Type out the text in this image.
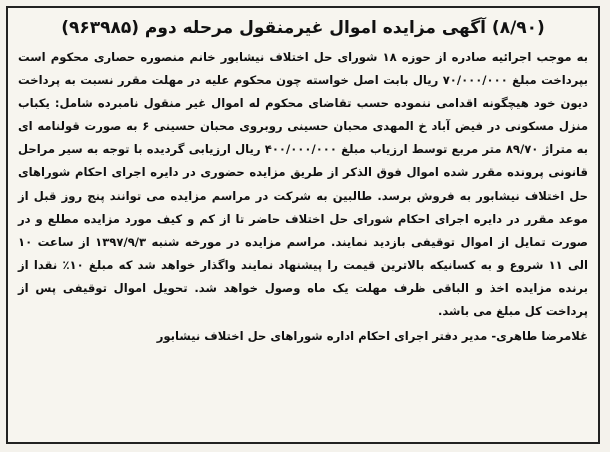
(۸/۹۰) آگهی مزایده اموال غیرمنقول مرحله دوم (۹۶۳۹۸۵)
به موجب اجرائیه صادره از حوزه ۱۸ شورای حل اختلاف نیشابور خانم منصوره حصاری محکوم است بپرداخت مبلغ ۷۰/۰۰۰/۰۰۰ ریال بابت اصل خواسته چون محکوم علیه در مهلت مقرر نسبت به پرداخت دیون خود هیچگونه اقدامی ننموده حسب تقاضای محکوم له اموال غیر منقول نامبرده شامل: یکباب منزل مسکونی در فیض آباد خ المهدی محبان حسینی روبروی محبان حسینی ۶ به صورت قولنامه ای به متراژ ۸۹/۷۰ متر مربع توسط ارزیاب مبلغ ۴۰۰/۰۰۰/۰۰۰ ریال ارزیابی گردیده با توجه به سیر مراحل قانونی پرونده مقرر شده اموال فوق الذکر از طریق مزایده حضوری در دایره اجرای احکام شوراهای حل اختلاف نیشابور به فروش برسد. طالبین به شرکت در مراسم مزایده می توانند پنج روز قبل از موعد مقرر در دایره اجرای احکام شورای حل اختلاف حاضر تا از کم و کیف مورد مزایده مطلع و در صورت تمایل از اموال توقیفی بازدید نمایند. مراسم مزایده در مورخه شنبه ۱۳۹۷/۹/۳ از ساعت ۱۰ الی ۱۱ شروع و به کسانیکه بالاترین قیمت را پیشنهاد نمایند واگذار خواهد شد که مبلغ ۱۰٪ نقدا از برنده مزایده اخذ و الباقی ظرف مهلت یک ماه وصول خواهد شد. تحویل اموال توقیفی پس از پرداخت کل مبلغ می باشد.
غلامرضا طاهری- مدیر دفتر اجرای احکام اداره شوراهای حل اختلاف نیشابور
